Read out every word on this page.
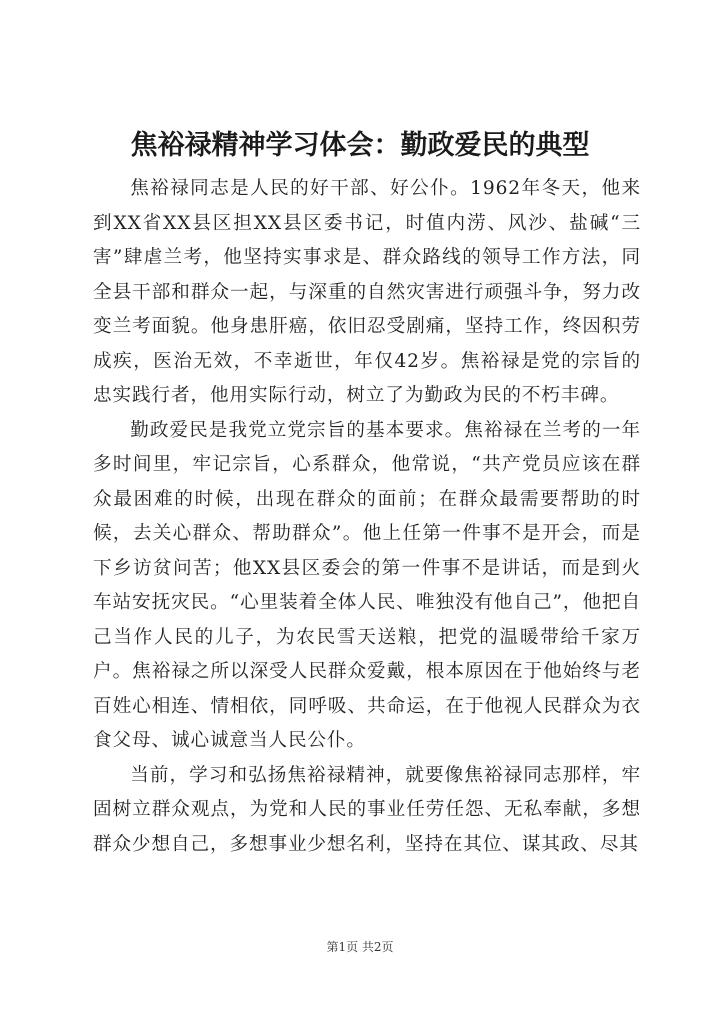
焦裕禄精神学习体会：勤政爱民的典型

焦裕禄同志是人民的好干部、好公仆。1962年冬天，他来到XX省XX县区担XX县区委书记，时值内涝、风沙、盐碱“三害”肆虐兰考，他坚持实事求是、群众路线的领导工作方法，同全县干部和群众一起，与深重的自然灾害进行顽强斗争，努力改变兰考面貌。他身患肝癌，依旧忍受剧痛，坚持工作，终因积劳成疾，医治无效，不幸逝世，年仅42岁。焦裕禄是党的宗旨的忠实践行者，他用实际行动，树立了为勤政为民的不朽丰碑。

勤政爱民是我党立党宗旨的基本要求。焦裕禄在兰考的一年多时间里，牢记宗旨，心系群众，他常说，“共产党员应该在群众最困难的时候，出现在群众的面前；在群众最需要帮助的时候，去关心群众、帮助群众”。他上任第一件事不是开会，而是下乡访贫问苦；他XX县区委会的第一件事不是讲话，而是到火车站安抚灾民。“心里装着全体人民、唯独没有他自己”，他把自己当作人民的儿子，为农民雪天送粮，把党的温暖带给千家万户。焦裕禄之所以深受人民群众爱戴，根本原因在于他始终与老百姓心相连、情相依，同呼吸、共命运，在于他视人民群众为衣食父母、诚心诚意当人民公仆。

当前，学习和弘扬焦裕禄精神，就要像焦裕禄同志那样，牢固树立群众观点，为党和人民的事业任劳任怨、无私奉献，多想群众少想自己，多想事业少想名利，坚持在其位、谋其政、尽其

第1页 共2页
